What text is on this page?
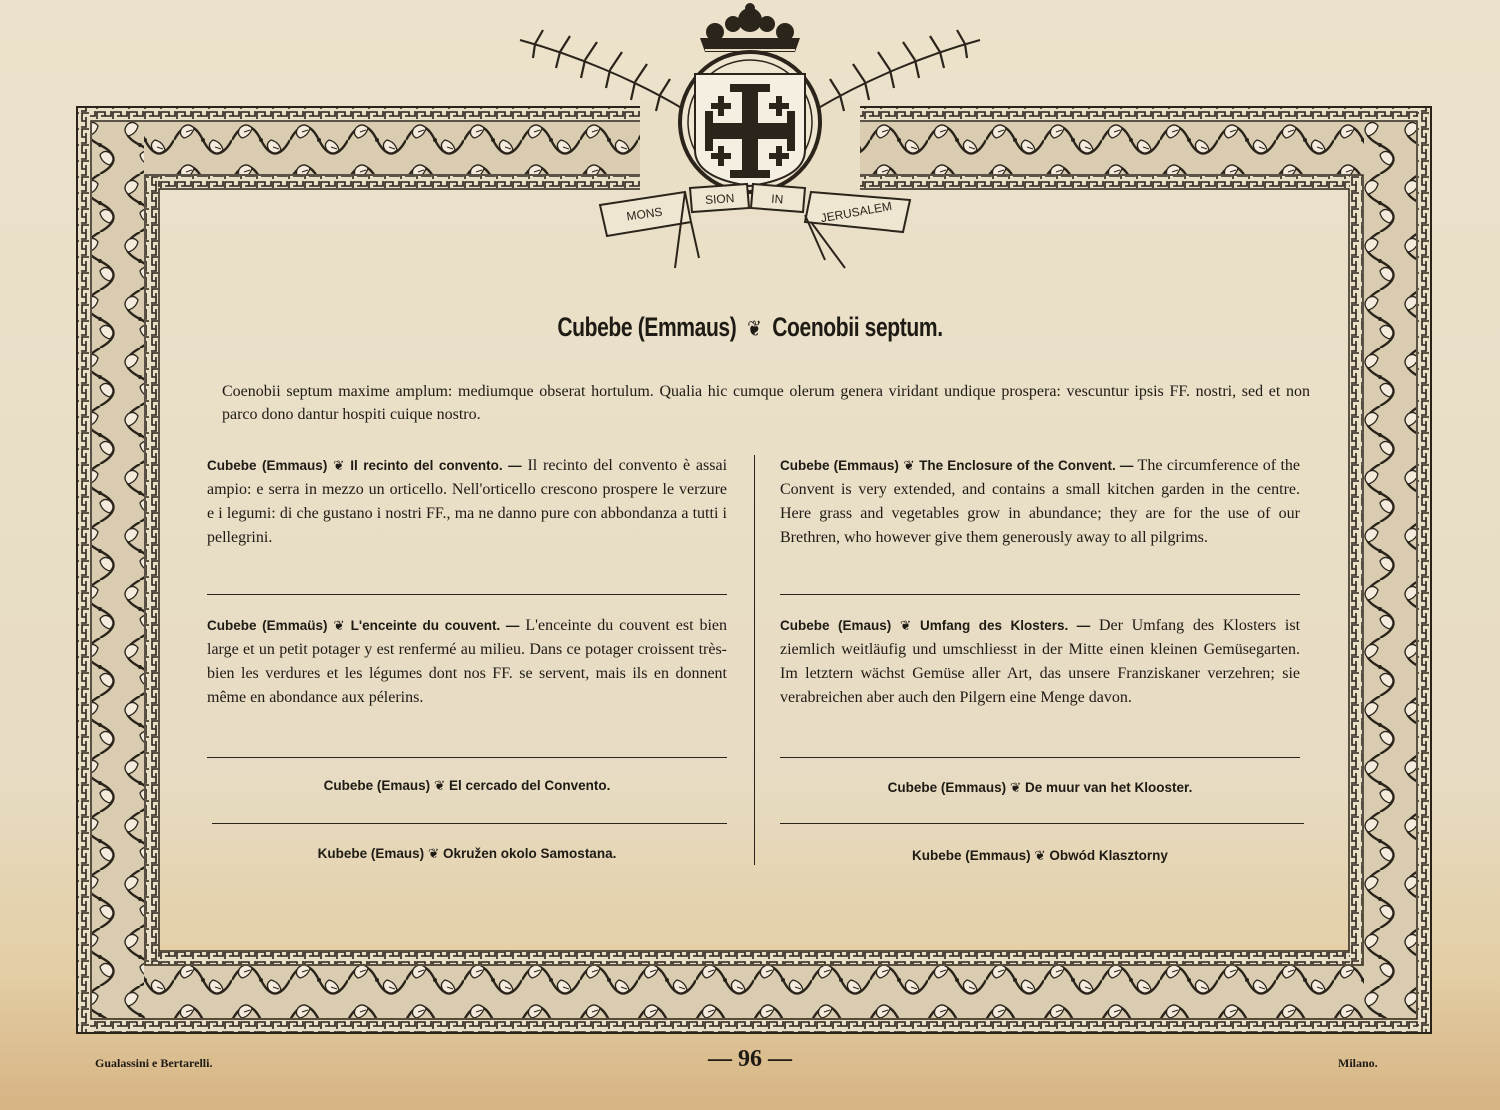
MONS
SION	IN	JERUSALEM
Cubebe (Emmaus) ❦ Coenobii septum.
Coenobii septum maxime amplum: mediumque obserat hortulum. Qualia hic cumque olerum genera viridant undique prospera: vescuntur ipsis FF. nostri, sed et non parco dono dantur hospiti cuique nostro.
Cubebe (Emmaus) ❦ Il recinto del convento. — Il recinto del convento è assai ampio: e serra in mezzo un orticello. Nell'orticello crescono prospere le verzure e i legumi: di che gustano i nostri FF., ma ne danno pure con abbondanza a tutti i pellegrini.
Cubebe (Emmaus) ❦ The Enclosure of the Convent. — The circumference of the Convent is very extended, and contains a small kitchen garden in the centre. Here grass and vegetables grow in abundance; they are for the use of our Brethren, who however give them generously away to all pilgrims.
Cubebe (Emmaüs) ❦ L'enceinte du couvent. — L'enceinte du couvent est bien large et un petit potager y est renfermé au milieu. Dans ce potager croissent très-bien les verdures et les légumes dont nos FF. se servent, mais ils en donnent même en abondance aux pélerins.
Cubebe (Emaus) ❦ Umfang des Klosters. — Der Umfang des Klosters ist ziemlich weitläufig und umschliesst in der Mitte einen kleinen Gemüsegarten. Im letztern wächst Gemüse aller Art, das unsere Franziskaner verzehren; sie verabreichen aber auch den Pilgern eine Menge davon.
Cubebe (Emaus) ❦ El cercado del Convento.	Cubebe (Emmaus) ❦ De muur van het Klooster.
Kubebe (Emaus) ❦ Okružen okolo Samostana.	Kubebe (Emmaus) ❦ Obwód Klasztorny
Gualassini e Bertarelli.	— 96 —	Milano.
